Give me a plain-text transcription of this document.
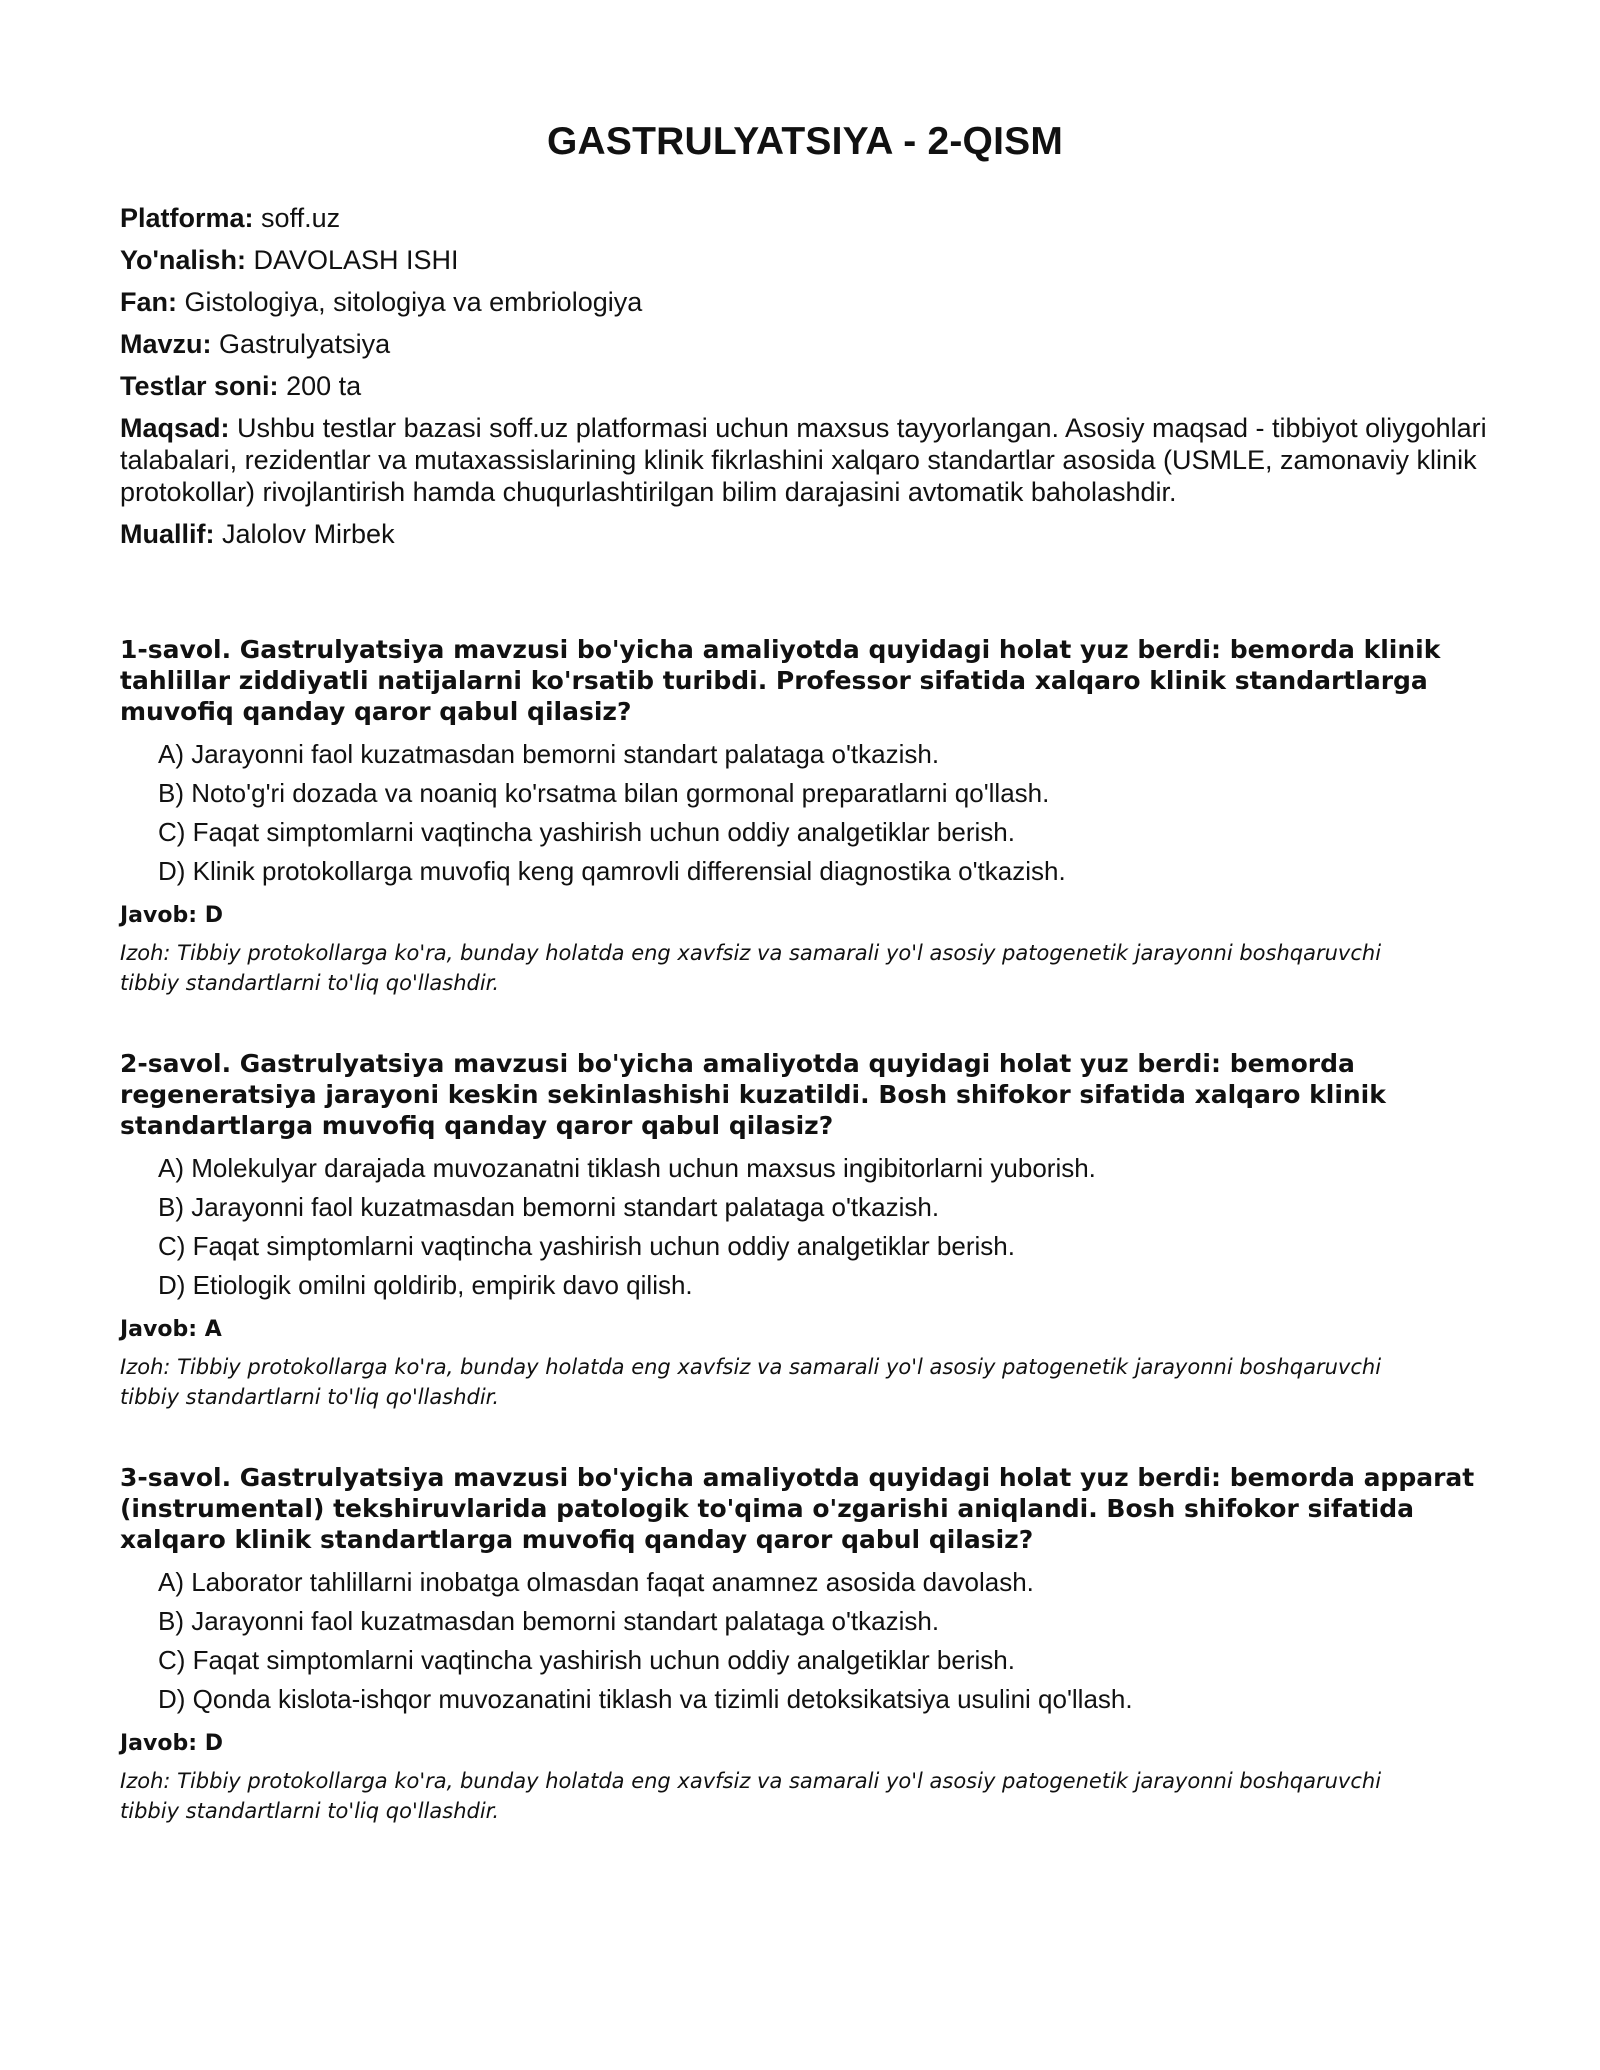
GASTRULYATSIYA - 2-QISM

Platforma: soff.uz

Yo'nalish: DAVOLASH ISHI

Fan: Gistologiya, sitologiya va embriologiya

Mavzu: Gastrulyatsiya

Testlar soni: 200 ta

Maqsad: Ushbu testlar bazasi soff.uz platformasi uchun maxsus tayyorlangan. Asosiy maqsad - tibbiyot oliygohlari talabalari, rezidentlar va mutaxassislarining klinik fikrlashini xalqaro standartlar asosida (USMLE, zamonaviy klinik protokollar) rivojlantirish hamda chuqurlashtirilgan bilim darajasini avtomatik baholashdir.

Muallif: Jalolov Mirbek

1-savol. Gastrulyatsiya mavzusi bo'yicha amaliyotda quyidagi holat yuz berdi: bemorda klinik tahlillar ziddiyatli natijalarni ko'rsatib turibdi. Professor sifatida xalqaro klinik standartlarga muvofiq qanday qaror qabul qilasiz?

A) Jarayonni faol kuzatmasdan bemorni standart palataga o'tkazish.
B) Noto'g'ri dozada va noaniq ko'rsatma bilan gormonal preparatlarni qo'llash.
C) Faqat simptomlarni vaqtincha yashirish uchun oddiy analgetiklar berish.
D) Klinik protokollarga muvofiq keng qamrovli differensial diagnostika o'tkazish.

Javob: D

Izoh: Tibbiy protokollarga ko'ra, bunday holatda eng xavfsiz va samarali yo'l asosiy patogenetik jarayonni boshqaruvchi tibbiy standartlarni to'liq qo'llashdir.

2-savol. Gastrulyatsiya mavzusi bo'yicha amaliyotda quyidagi holat yuz berdi: bemorda regeneratsiya jarayoni keskin sekinlashishi kuzatildi. Bosh shifokor sifatida xalqaro klinik standartlarga muvofiq qanday qaror qabul qilasiz?

A) Molekulyar darajada muvozanatni tiklash uchun maxsus ingibitorlarni yuborish.
B) Jarayonni faol kuzatmasdan bemorni standart palataga o'tkazish.
C) Faqat simptomlarni vaqtincha yashirish uchun oddiy analgetiklar berish.
D) Etiologik omilni qoldirib, empirik davo qilish.

Javob: A

Izoh: Tibbiy protokollarga ko'ra, bunday holatda eng xavfsiz va samarali yo'l asosiy patogenetik jarayonni boshqaruvchi tibbiy standartlarni to'liq qo'llashdir.

3-savol. Gastrulyatsiya mavzusi bo'yicha amaliyotda quyidagi holat yuz berdi: bemorda apparat (instrumental) tekshiruvlarida patologik to'qima o'zgarishi aniqlandi. Bosh shifokor sifatida xalqaro klinik standartlarga muvofiq qanday qaror qabul qilasiz?

A) Laborator tahlillarni inobatga olmasdan faqat anamnez asosida davolash.
B) Jarayonni faol kuzatmasdan bemorni standart palataga o'tkazish.
C) Faqat simptomlarni vaqtincha yashirish uchun oddiy analgetiklar berish.
D) Qonda kislota-ishqor muvozanatini tiklash va tizimli detoksikatsiya usulini qo'llash.

Javob: D

Izoh: Tibbiy protokollarga ko'ra, bunday holatda eng xavfsiz va samarali yo'l asosiy patogenetik jarayonni boshqaruvchi tibbiy standartlarni to'liq qo'llashdir.
